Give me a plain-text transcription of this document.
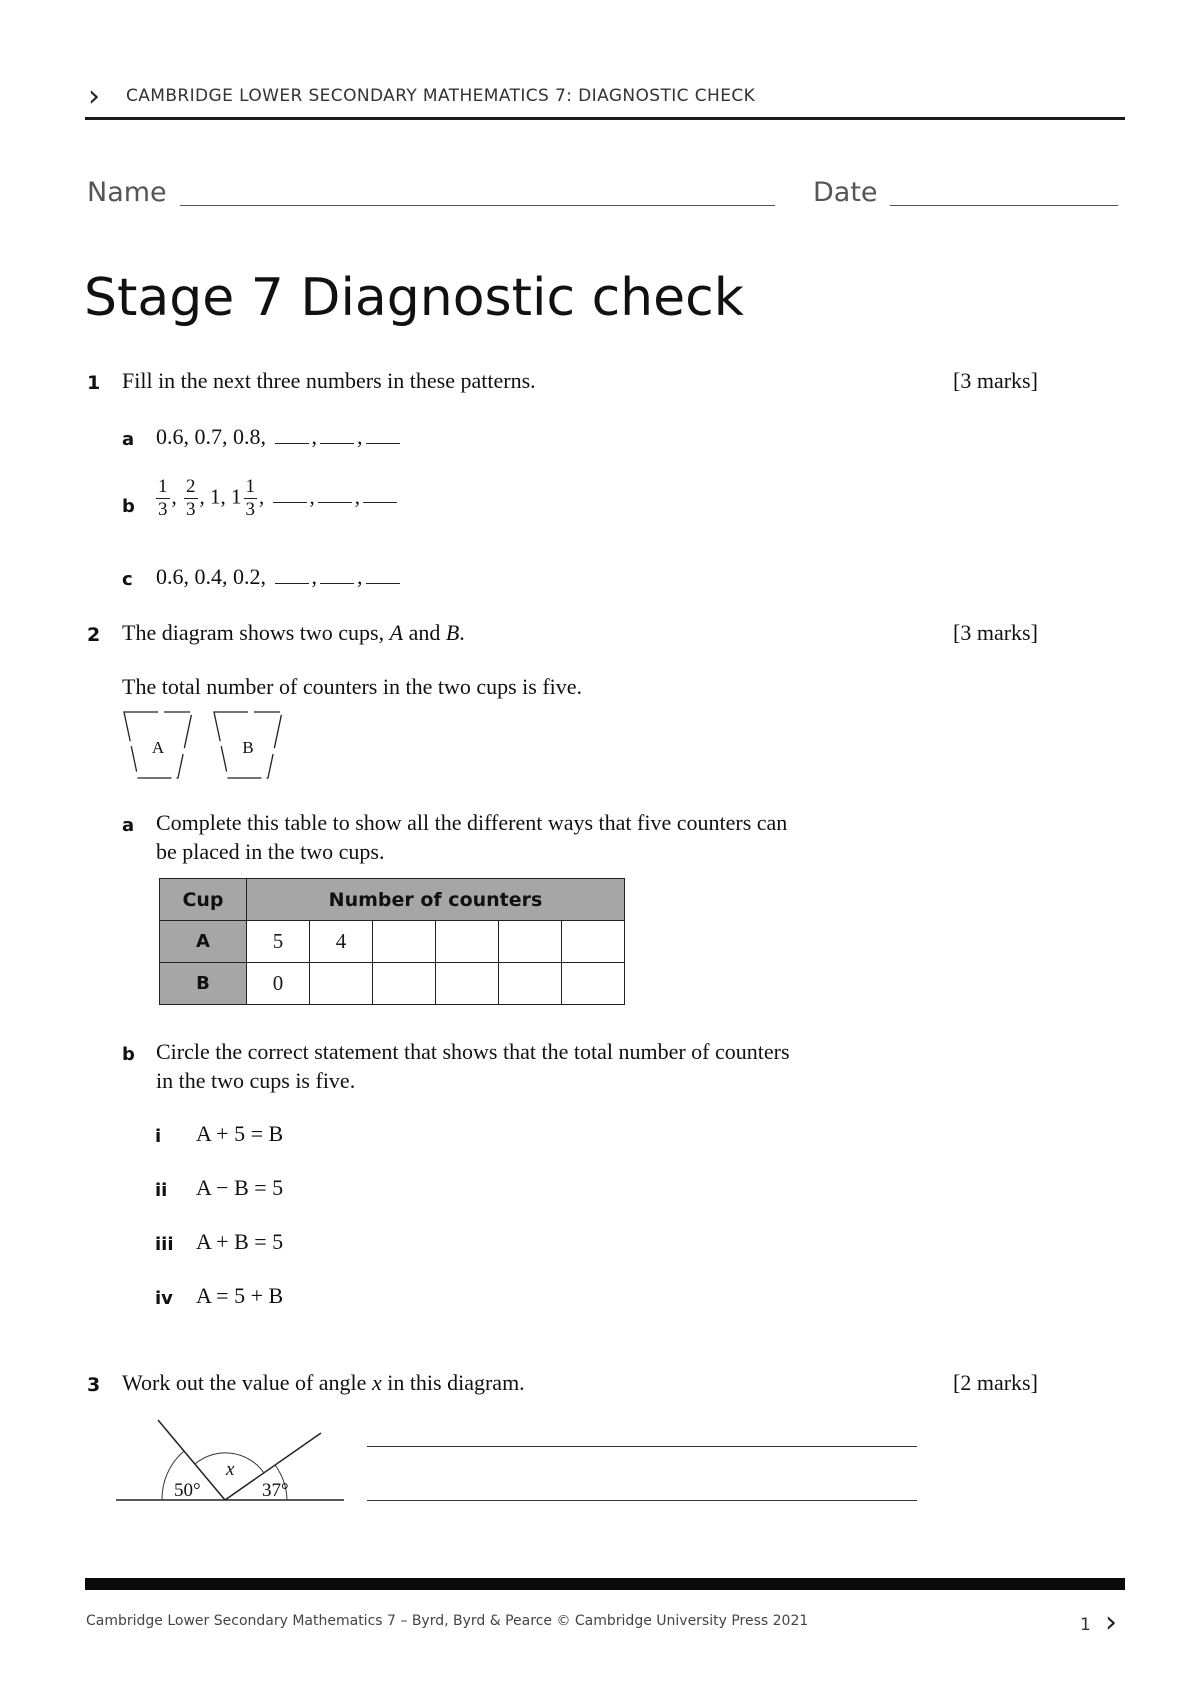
› CAMBRIDGE LOWER SECONDARY MATHEMATICS 7: DIAGNOSTIC CHECK
Name	Date
Stage 7 Diagnostic check
1 Fill in the next three numbers in these patterns.	[3 marks]
a 0.6, 0.7, 0.8, , ,
b $\frac{1}{3}$ , $\frac{2}{3}$ , 1, $1 \frac{1}{3}$ , , ,
c 0.6, 0.4, 0.2, , ,
2 The diagram shows two cups, A and B.	[3 marks]
The total number of counters in the two cups is five.
A	B
a Complete this table to show all the different ways that five counters can
be placed in the two cups.
Cup	Number of counters					
A	5	4				
B	0					
b Circle the correct statement that shows that the total number of counters
in the two cups is five.
i A + 5 = B
ii A − B = 5
iii A + B = 5
iv A = 5 + B
3 Work out the value of angle x in this diagram.	[2 marks]
50°
x
37°
Cambridge Lower Secondary Mathematics 7 – Byrd, Byrd & Pearce © Cambridge University Press 2021	1 ›
